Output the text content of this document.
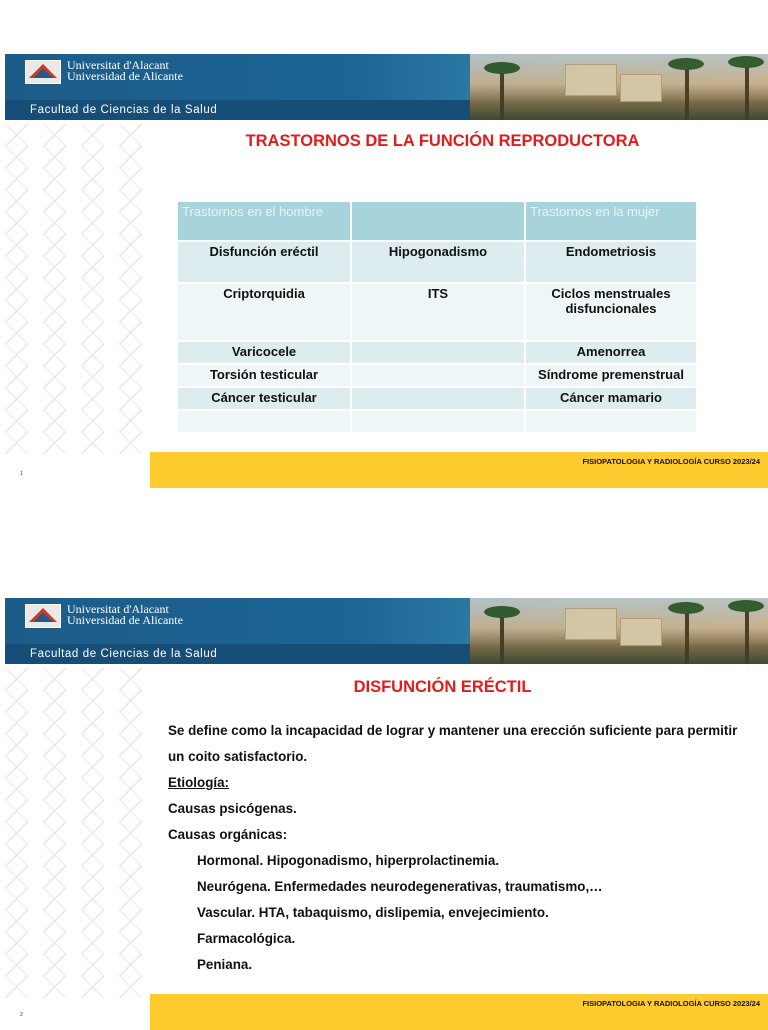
Universitat d'Alacant
Universidad de Alicante
Facultad de Ciencias de la Salud
TRASTORNOS DE LA FUNCIÓN REPRODUCTORA
Trastornos en el hombre		Trastornos en la mujer
Disfunción eréctil	Hipogonadismo	Endometriosis
Criptorquidia	ITS	Ciclos menstruales disfuncionales
Varicocele		Amenorrea
Torsión testicular		Síndrome premenstrual
Cáncer testicular		Cáncer mamario

FISIOPATOLOGIA Y RADIOLOGÍA CURSO 2023/24
1
Universitat d'Alacant
Universidad de Alicante
Facultad de Ciencias de la Salud
DISFUNCIÓN ERÉCTIL

Se define como la incapacidad de lograr y mantener una erección suficiente para permitir un coito satisfactorio.

Etiología:

Causas psicógenas.

Causas orgánicas:

Hormonal. Hipogonadismo, hiperprolactinemia.

Neurógena. Enfermedades neurodegenerativas, traumatismo,…

Vascular. HTA, tabaquismo, dislipemia, envejecimiento.

Farmacológica.

Peniana.

FISIOPATOLOGIA Y RADIOLOGÍA CURSO 2023/24
2
